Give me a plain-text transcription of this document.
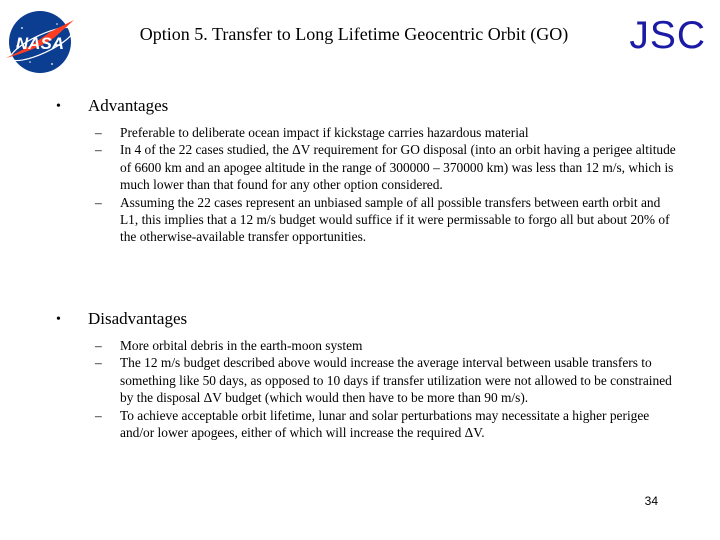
NASA	Option 5. Transfer to Long Lifetime Geocentric Orbit (GO)	JSC
•	Advantages
– Preferable to deliberate ocean impact if kickstage carries hazardous material
– In 4 of the 22 cases studied, the ΔV requirement for GO disposal (into an orbit having a perigee altitude of 6600 km and an apogee altitude in the range of 300000 – 370000 km) was less than 12 m/s, which is much lower than that found for any other option considered.
– Assuming the 22 cases represent an unbiased sample of all possible transfers between earth orbit and L1, this implies that a 12 m/s budget would suffice if it were permissable to forgo all but about 20% of the otherwise-available transfer opportunities.
•	Disadvantages
– More orbital debris in the earth-moon system
– The 12 m/s budget described above would increase the average interval between usable transfers to something like 50 days, as opposed to 10 days if transfer utilization were not allowed to be constrained by the disposal ΔV budget (which would then have to be more than 90 m/s).
– To achieve acceptable orbit lifetime, lunar and solar perturbations may necessitate a higher perigee and/or lower apogees, either of which will increase the required ΔV.
34
